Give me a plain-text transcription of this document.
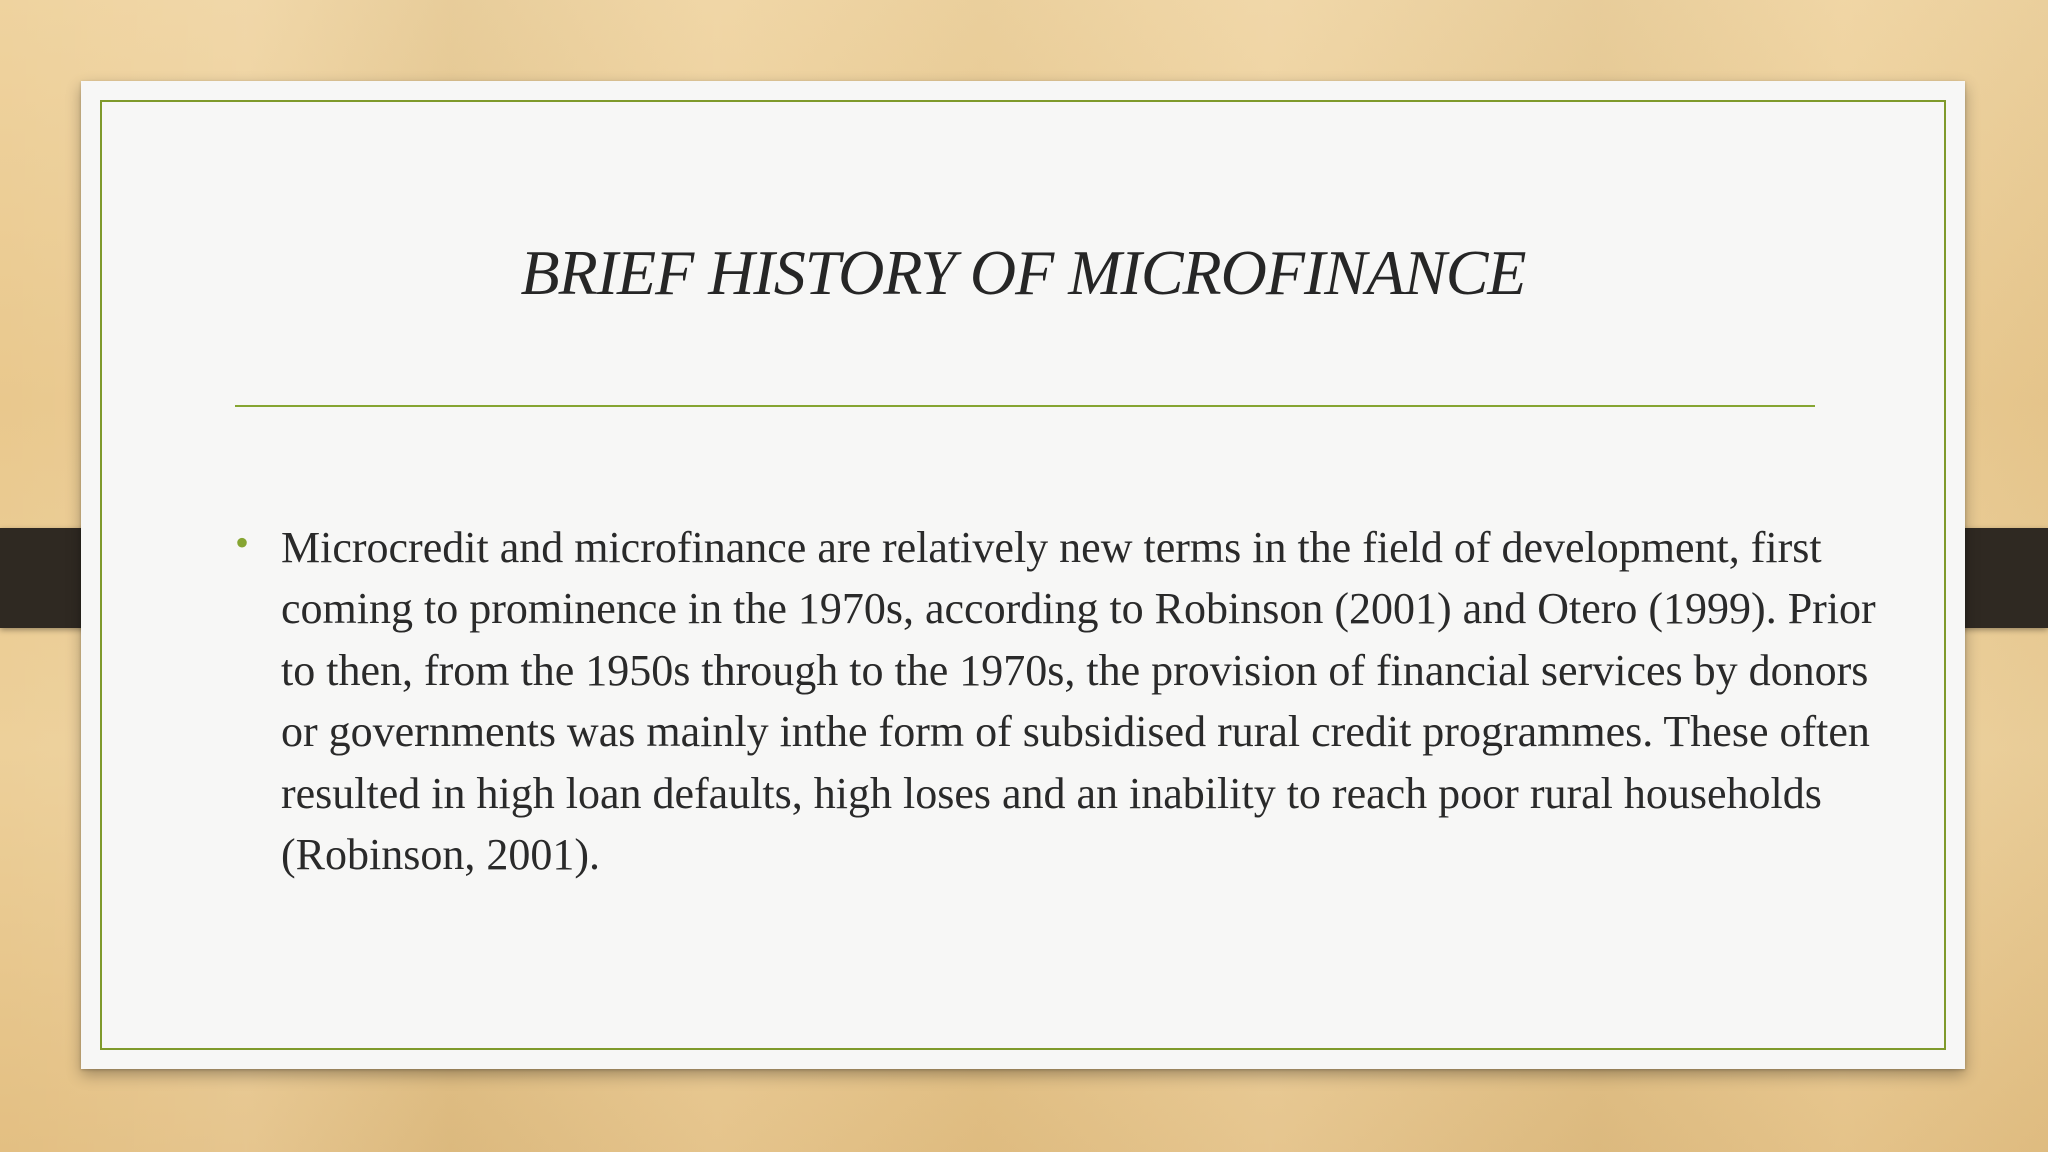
BRIEF HISTORY OF MICROFINANCE
• Microcredit and microfinance are relatively new terms in the field of development, first coming to prominence in the 1970s, according to Robinson (2001) and Otero (1999). Prior to then, from the 1950s through to the 1970s, the provision of financial services by donors or governments was mainly inthe form of subsidised rural credit programmes. These often resulted in high loan defaults, high loses and an inability to reach poor rural households (Robinson, 2001).
